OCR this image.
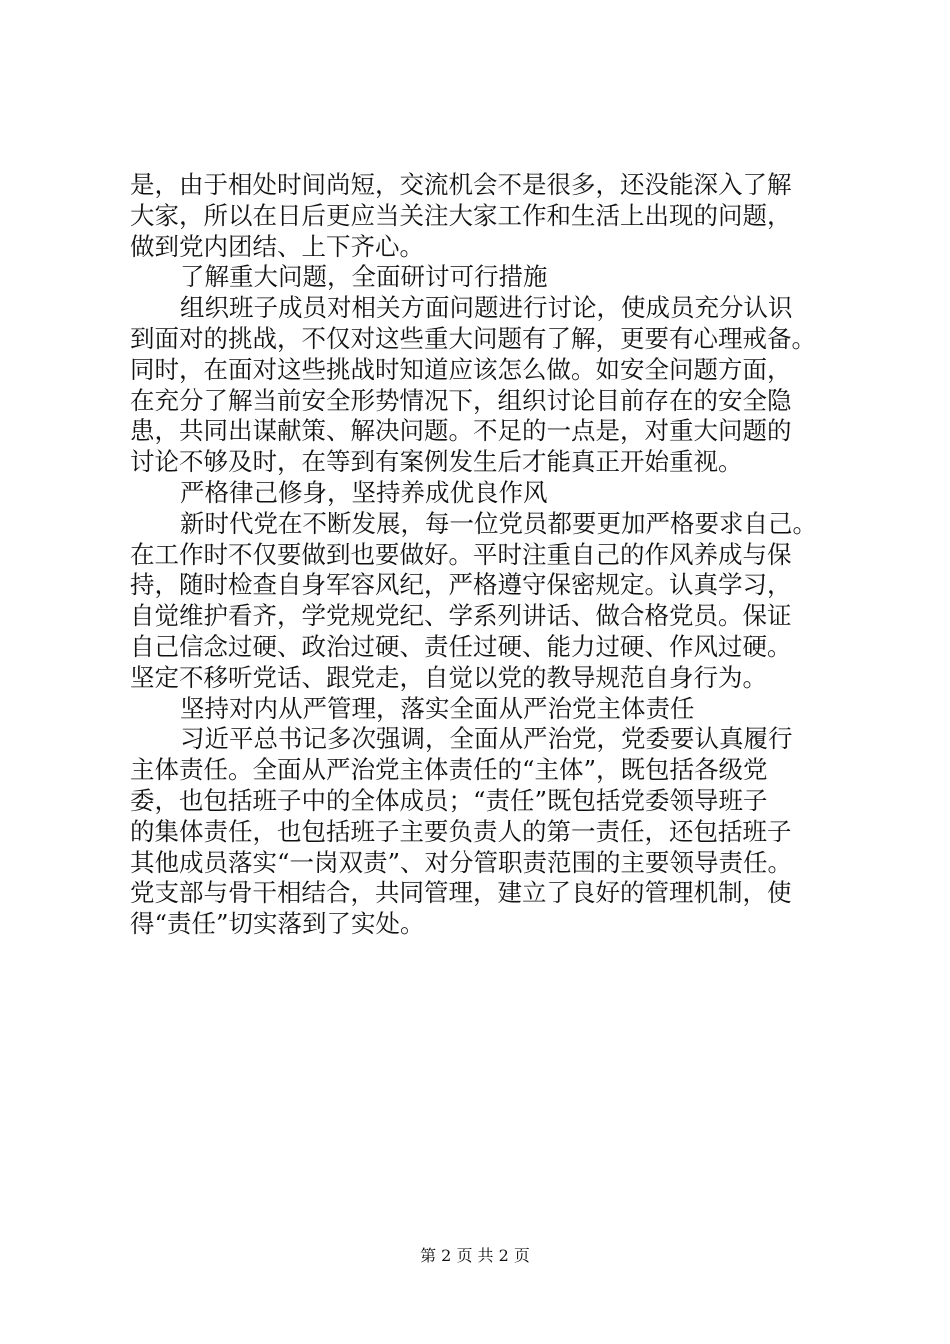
是，由于相处时间尚短，交流机会不是很多，还没能深入了解
大家，所以在日后更应当关注大家工作和生活上出现的问题，
做到党内团结、上下齐心。
了解重大问题，全面研讨可行措施
组织班子成员对相关方面问题进行讨论，使成员充分认识
到面对的挑战，不仅对这些重大问题有了解，更要有心理戒备。
同时，在面对这些挑战时知道应该怎么做。如安全问题方面，
在充分了解当前安全形势情况下，组织讨论目前存在的安全隐
患，共同出谋献策、解决问题。不足的一点是，对重大问题的
讨论不够及时，在等到有案例发生后才能真正开始重视。
严格律己修身，坚持养成优良作风
新时代党在不断发展，每一位党员都要更加严格要求自己。
在工作时不仅要做到也要做好。平时注重自己的作风养成与保
持，随时检查自身军容风纪，严格遵守保密规定。认真学习，
自觉维护看齐，学党规党纪、学系列讲话、做合格党员。保证
自己信念过硬、政治过硬、责任过硬、能力过硬、作风过硬。
坚定不移听党话、跟党走，自觉以党的教导规范自身行为。
坚持对内从严管理，落实全面从严治党主体责任
习近平总书记多次强调，全面从严治党，党委要认真履行
主体责任。全面从严治党主体责任的“主体”，既包括各级党
委，也包括班子中的全体成员；“责任”既包括党委领导班子
的集体责任，也包括班子主要负责人的第一责任，还包括班子
其他成员落实“一岗双责”、对分管职责范围的主要领导责任。
党支部与骨干相结合，共同管理，建立了良好的管理机制，使
得“责任”切实落到了实处。
第 2 页 共 2 页
